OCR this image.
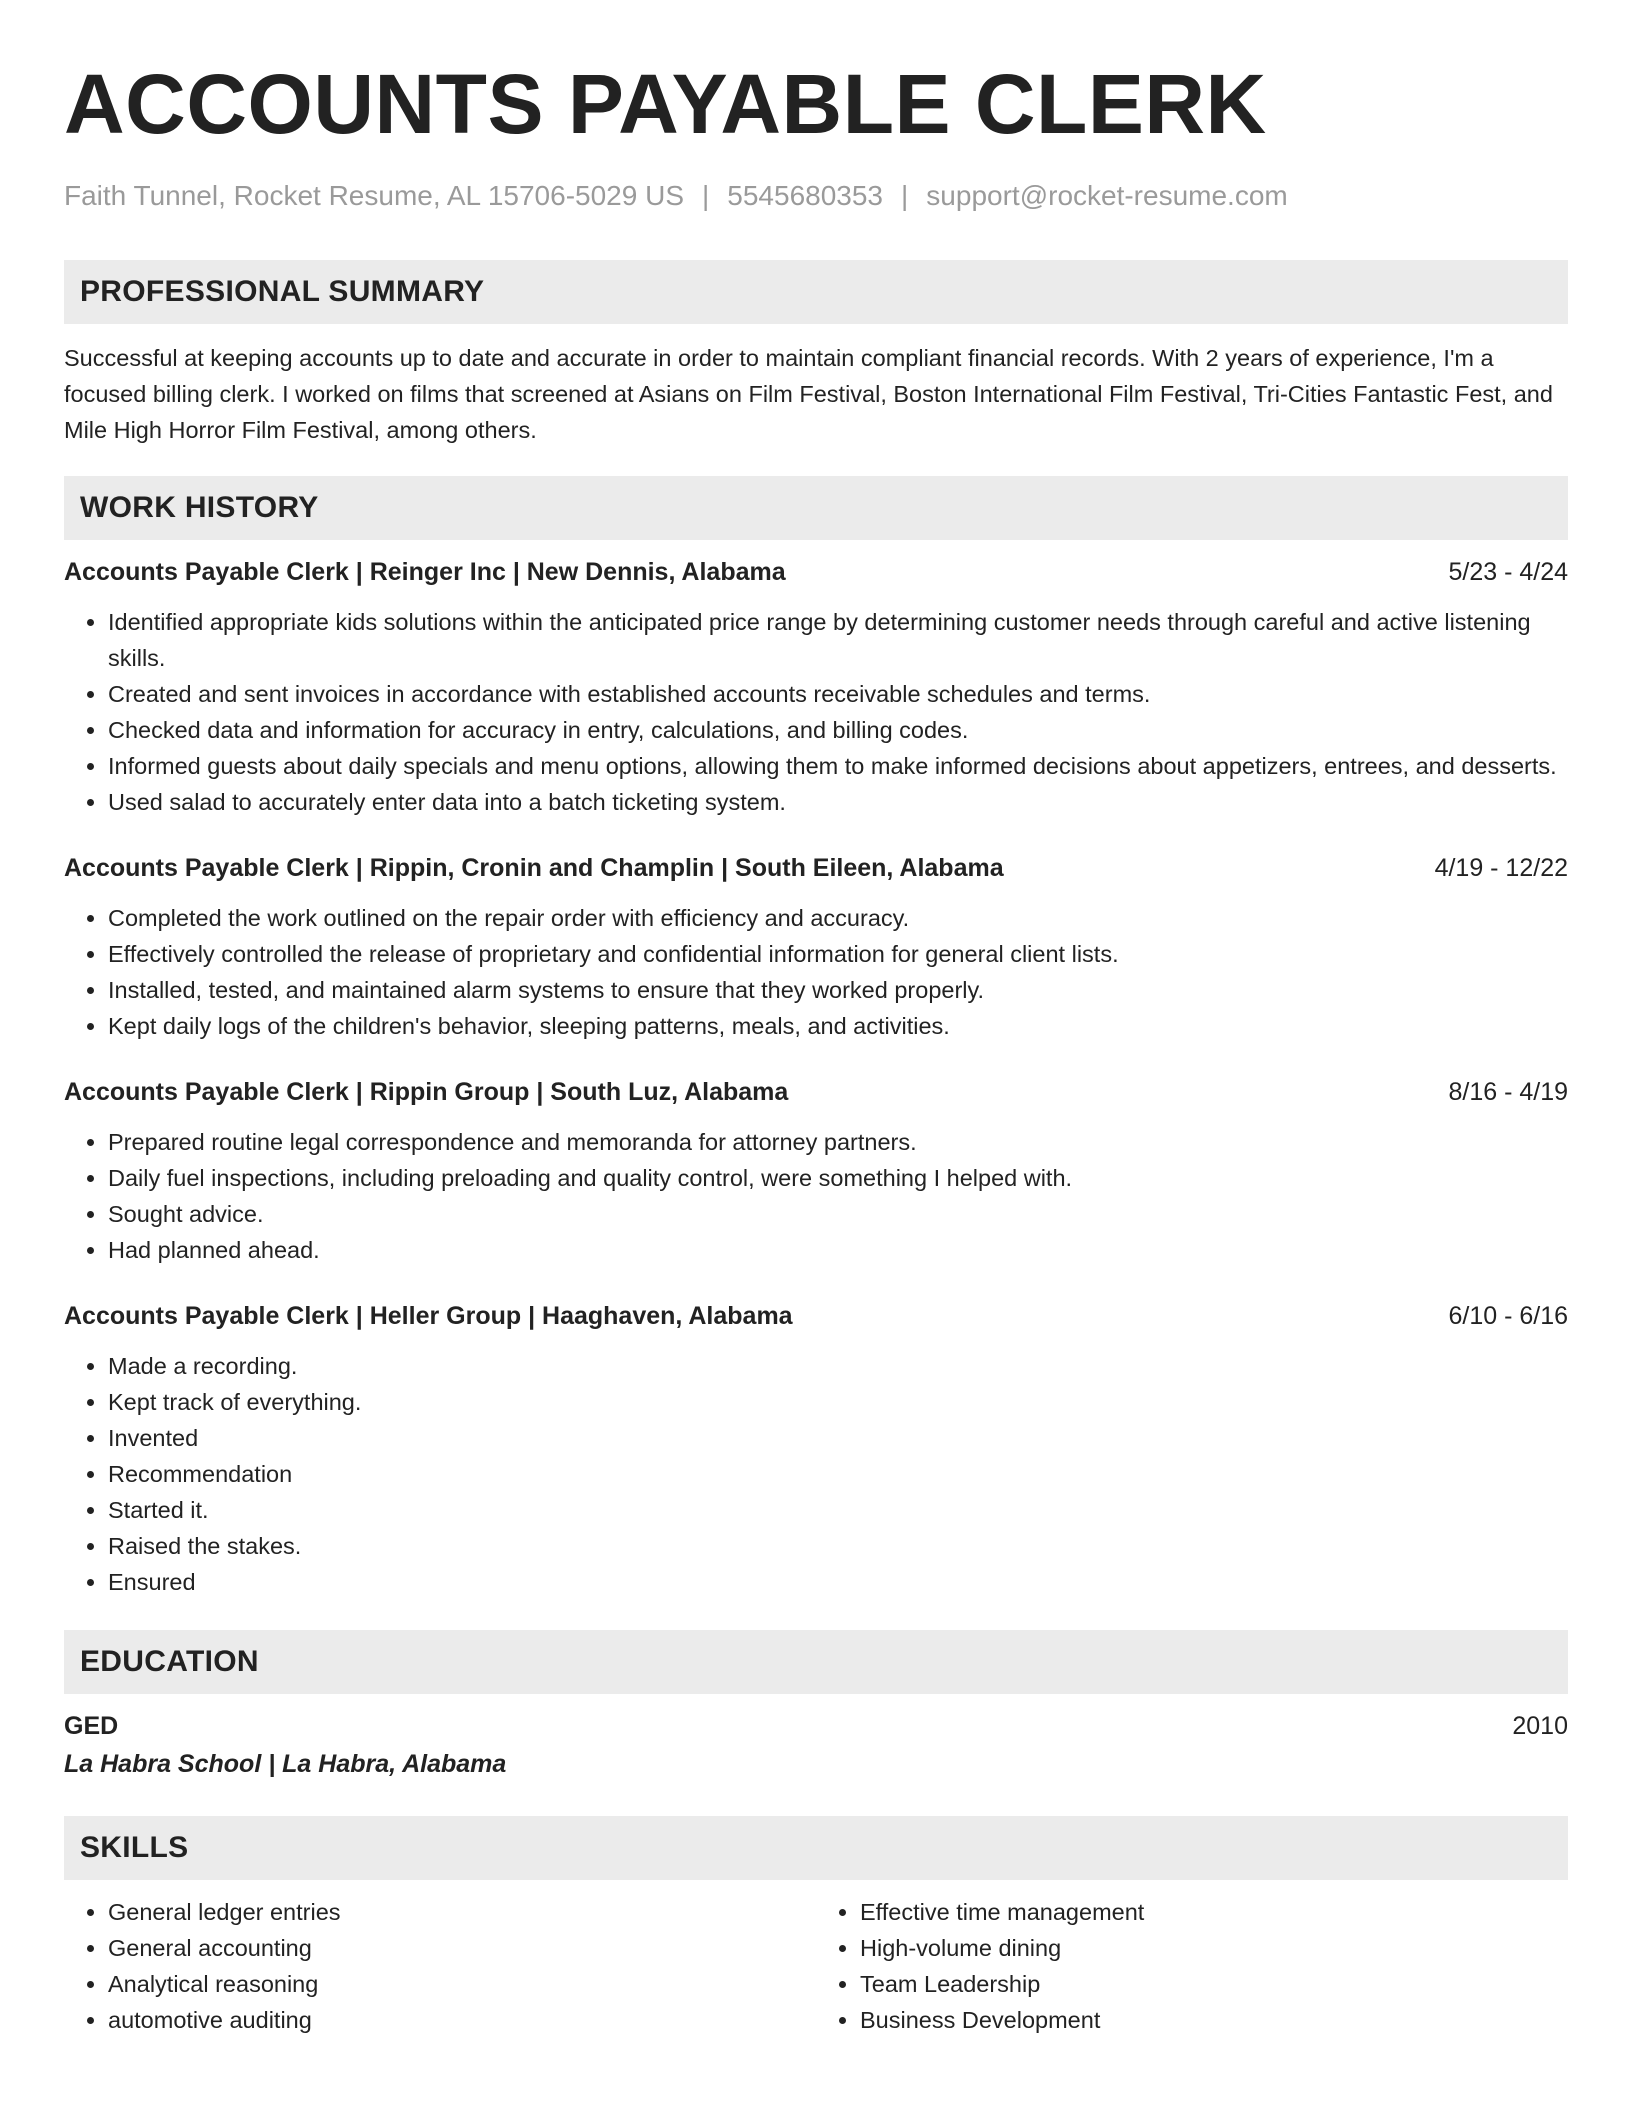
ACCOUNTS PAYABLE CLERK
Faith Tunnel, Rocket Resume, AL 15706-5029 US | 5545680353 | support@rocket-resume.com
PROFESSIONAL SUMMARY

Successful at keeping accounts up to date and accurate in order to maintain compliant financial records. With 2 years of experience, I'm a focused billing clerk. I worked on films that screened at Asians on Film Festival, Boston International Film Festival, Tri-Cities Fantastic Fest, and Mile High Horror Film Festival, among others.

WORK HISTORY
Accounts Payable Clerk | Reinger Inc | New Dennis, Alabama	5/23 - 4/24
• Identified appropriate kids solutions within the anticipated price range by determining customer needs through careful and active listening skills.
• Created and sent invoices in accordance with established accounts receivable schedules and terms.
• Checked data and information for accuracy in entry, calculations, and billing codes.
• Informed guests about daily specials and menu options, allowing them to make informed decisions about appetizers, entrees, and desserts.
• Used salad to accurately enter data into a batch ticketing system.
Accounts Payable Clerk | Rippin, Cronin and Champlin | South Eileen, Alabama	4/19 - 12/22
• Completed the work outlined on the repair order with efficiency and accuracy.
• Effectively controlled the release of proprietary and confidential information for general client lists.
• Installed, tested, and maintained alarm systems to ensure that they worked properly.
• Kept daily logs of the children's behavior, sleeping patterns, meals, and activities.
Accounts Payable Clerk | Rippin Group | South Luz, Alabama	8/16 - 4/19
• Prepared routine legal correspondence and memoranda for attorney partners.
• Daily fuel inspections, including preloading and quality control, were something I helped with.
• Sought advice.
• Had planned ahead.
Accounts Payable Clerk | Heller Group | Haaghaven, Alabama	6/10 - 6/16
• Made a recording.
• Kept track of everything.
• Invented
• Recommendation
• Started it.
• Raised the stakes.
• Ensured
EDUCATION
GED	2010
La Habra School | La Habra, Alabama
SKILLS
• General ledger entries
• General accounting
• Analytical reasoning
• automotive auditing
• Effective time management
• High-volume dining
• Team Leadership
• Business Development
